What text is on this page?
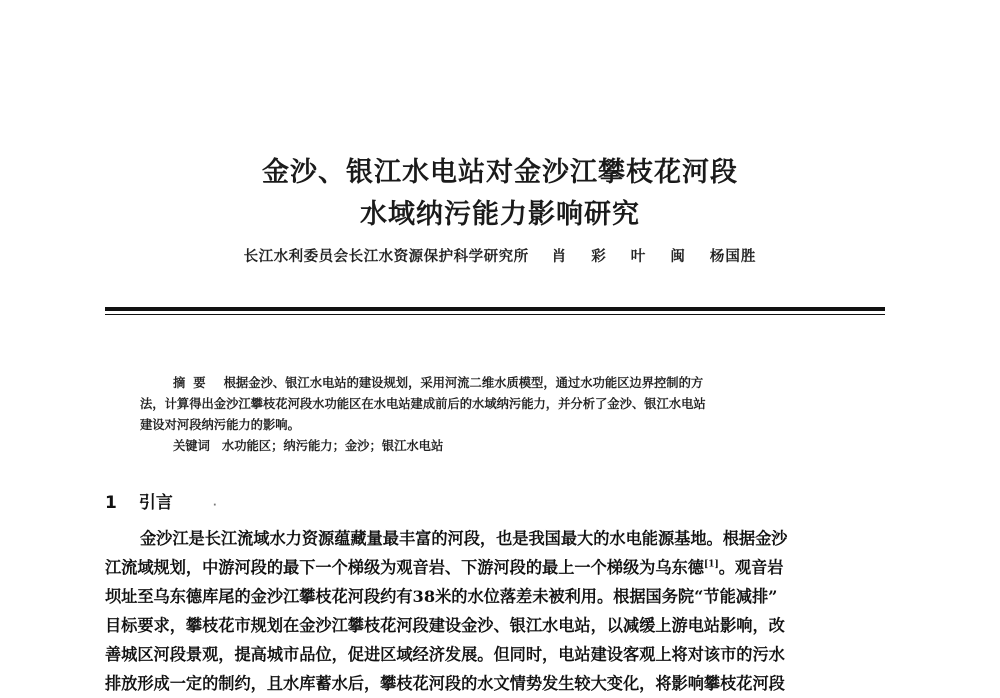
金沙、银江水电站对金沙江攀枝花河段
水域纳污能力影响研究
长江水利委员会长江水资源保护科学研究所 肖 彩 叶 闽 杨国胜
摘要 根据金沙、银江水电站的建设规划，采用河流二维水质模型，通过水功能区边界控制的方
法，计算得出金沙江攀枝花河段水功能区在水电站建成前后的水域纳污能力，并分析了金沙、银江水电站
建设对河段纳污能力的影响。
关键词 水功能区；纳污能力；金沙；银江水电站
1 引言	·
金沙江是长江流域水力资源蕴藏量最丰富的河段，也是我国最大的水电能源基地。根据金沙
江流域规划，中游河段的最下一个梯级为观音岩、下游河段的最上一个梯级为乌东德[1]。观音岩
坝址至乌东德库尾的金沙江攀枝花河段约有38米的水位落差未被利用。根据国务院“节能减排”
目标要求，攀枝花市规划在金沙江攀枝花河段建设金沙、银江水电站，以减缓上游电站影响，改
善城区河段景观，提高城市品位，促进区域经济发展。但同时，电站建设客观上将对该市的污水
排放形成一定的制约，且水库蓄水后，攀枝花河段的水文情势发生较大变化，将影响攀枝花河段
